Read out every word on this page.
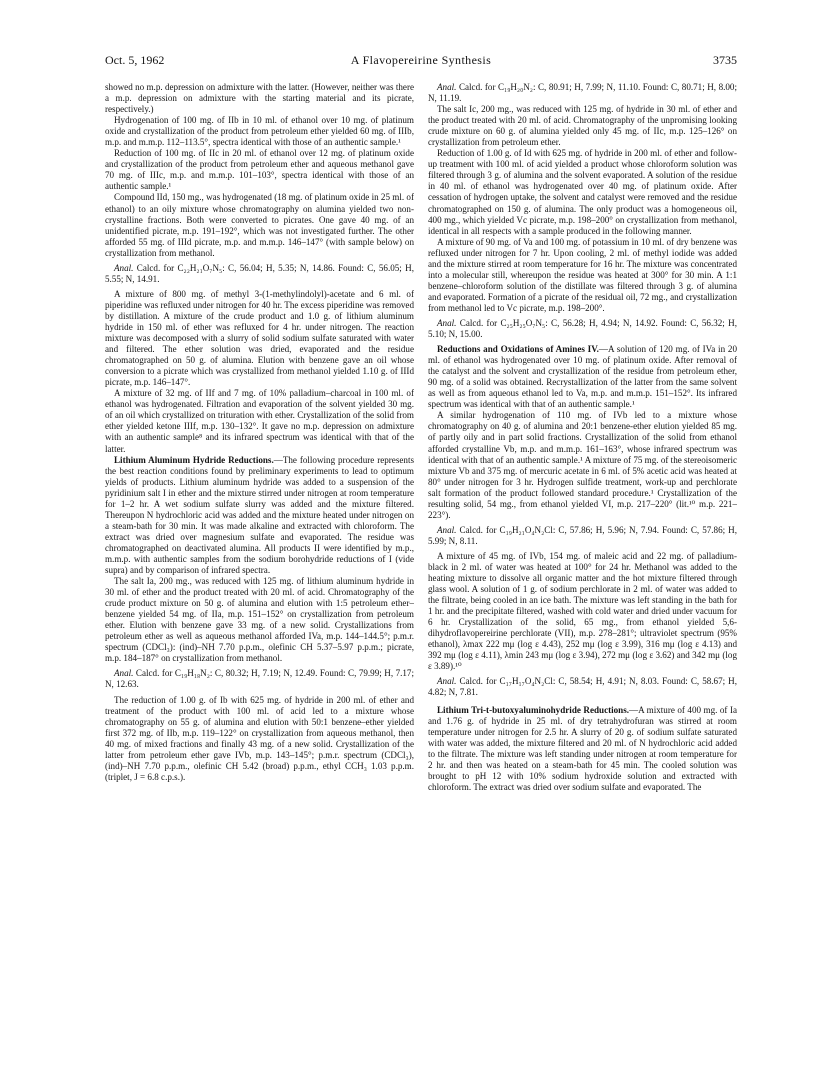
Oct. 5, 1962	A Flavopereirine Synthesis	3735

showed no m.p. depression on admixture with the latter. (However, neither was there a m.p. depression on admixture with the starting material and its picrate, respectively.)

Hydrogenation of 100 mg. of IIb in 10 ml. of ethanol over 10 mg. of platinum oxide and crystallization of the product from petroleum ether yielded 60 mg. of IIIb, m.p. and m.m.p. 112–113.5°, spectra identical with those of an authentic sample.¹

Reduction of 100 mg. of IIc in 20 ml. of ethanol over 12 mg. of platinum oxide and crystallization of the product from petroleum ether and aqueous methanol gave 70 mg. of IIIc, m.p. and m.m.p. 101–103°, spectra identical with those of an authentic sample.¹

Compound IId, 150 mg., was hydrogenated (18 mg. of platinum oxide in 25 ml. of ethanol) to an oily mixture whose chromatography on alumina yielded two non-crystalline fractions. Both were converted to picrates. One gave 40 mg. of an unidentified picrate, m.p. 191–192°, which was not investigated further. The other afforded 55 mg. of IIId picrate, m.p. and m.m.p. 146–147° (with sample below) on crystallization from methanol.

Anal. Calcd. for C₂₂H₂₁O₇N₅: C, 56.04; H, 5.35; N, 14.86. Found: C, 56.05; H, 5.55; N, 14.91.

A mixture of 800 mg. of methyl 3-(1-methylindolyl)-acetate and 6 ml. of piperidine was refluxed under nitrogen for 40 hr. The excess piperidine was removed by distillation. A mixture of the crude product and 1.0 g. of lithium aluminum hydride in 150 ml. of ether was refluxed for 4 hr. under nitrogen. The reaction mixture was decomposed with a slurry of solid sodium sulfate saturated with water and filtered. The ether solution was dried, evaporated and the residue chromatographed on 50 g. of alumina. Elution with benzene gave an oil whose conversion to a picrate which was crystallized from methanol yielded 1.10 g. of IIId picrate, m.p. 146–147°.

A mixture of 32 mg. of IIf and 7 mg. of 10% palladium–charcoal in 100 ml. of ethanol was hydrogenated. Filtration and evaporation of the solvent yielded 30 mg. of an oil which crystallized on trituration with ether. Crystallization of the solid from ether yielded ketone IIIf, m.p. 130–132°. It gave no m.p. depression on admixture with an authentic sample⁸ and its infrared spectrum was identical with that of the latter.

Lithium Aluminum Hydride Reductions.—The following procedure represents the best reaction conditions found by preliminary experiments to lead to optimum yields of products. Lithium aluminum hydride was added to a suspension of the pyridinium salt I in ether and the mixture stirred under nitrogen at room temperature for 1–2 hr. A wet sodium sulfate slurry was added and the mixture filtered. Thereupon N hydrochloric acid was added and the mixture heated under nitrogen on a steam-bath for 30 min. It was made alkaline and extracted with chloroform. The extract was dried over magnesium sulfate and evaporated. The residue was chromatographed on deactivated alumina. All products II were identified by m.p., m.m.p. with authentic samples from the sodium borohydride reductions of I (vide supra) and by comparison of infrared spectra.

The salt Ia, 200 mg., was reduced with 125 mg. of lithium aluminum hydride in 30 ml. of ether and the product treated with 20 ml. of acid. Chromatography of the crude product mixture on 50 g. of alumina and elution with 1:5 petroleum ether–benzene yielded 54 mg. of IIa, m.p. 151–152° on crystallization from petroleum ether. Elution with benzene gave 33 mg. of a new solid. Crystallizations from petroleum ether as well as aqueous methanol afforded IVa, m.p. 144–144.5°; p.m.r. spectrum (CDCl₃): (ind)–NH 7.70 p.p.m., olefinic CH 5.37–5.97 p.p.m.; picrate, m.p. 184–187° on crystallization from methanol.

Anal. Calcd. for C₁₉H₁₈N₂: C, 80.32; H, 7.19; N, 12.49. Found: C, 79.99; H, 7.17; N, 12.63.

The reduction of 1.00 g. of Ib with 625 mg. of hydride in 200 ml. of ether and treatment of the product with 100 ml. of acid led to a mixture whose chromatography on 55 g. of alumina and elution with 50:1 benzene–ether yielded first 372 mg. of IIb, m.p. 119–122° on crystallization from aqueous methanol, then 40 mg. of mixed fractions and finally 43 mg. of a new solid. Crystallization of the latter from petroleum ether gave IVb, m.p. 143–145°; p.m.r. spectrum (CDCl₃), (ind)–NH 7.70 p.p.m., olefinic CH 5.42 (broad) p.p.m., ethyl CCH₃ 1.03 p.p.m. (triplet, J = 6.8 c.p.s.).

Anal. Calcd. for C₁₉H₂₀N₂: C, 80.91; H, 7.99; N, 11.10. Found: C, 80.71; H, 8.00; N, 11.19.

The salt Ic, 200 mg., was reduced with 125 mg. of hydride in 30 ml. of ether and the product treated with 20 ml. of acid. Chromatography of the unpromising looking crude mixture on 60 g. of alumina yielded only 45 mg. of IIc, m.p. 125–126° on crystallization from petroleum ether.

Reduction of 1.00 g. of Id with 625 mg. of hydride in 200 ml. of ether and follow-up treatment with 100 ml. of acid yielded a product whose chloroform solution was filtered through 3 g. of alumina and the solvent evaporated. A solution of the residue in 40 ml. of ethanol was hydrogenated over 40 mg. of platinum oxide. After cessation of hydrogen uptake, the solvent and catalyst were removed and the residue chromatographed on 150 g. of alumina. The only product was a homogeneous oil, 400 mg., which yielded Vc picrate, m.p. 198–200° on crystallization from methanol, identical in all respects with a sample produced in the following manner.

A mixture of 90 mg. of Va and 100 mg. of potassium in 10 ml. of dry benzene was refluxed under nitrogen for 7 hr. Upon cooling, 2 ml. of methyl iodide was added and the mixture stirred at room temperature for 16 hr. The mixture was concentrated into a molecular still, whereupon the residue was heated at 300° for 30 min. A 1:1 benzene–chloroform solution of the distillate was filtered through 3 g. of alumina and evaporated. Formation of a picrate of the residual oil, 72 mg., and crystallization from methanol led to Vc picrate, m.p. 198–200°.

Anal. Calcd. for C₂₅H₂₅O₇N₅: C, 56.28; H, 4.94; N, 14.92. Found: C, 56.32; H, 5.10; N, 15.00.

Reductions and Oxidations of Amines IV.—A solution of 120 mg. of IVa in 20 ml. of ethanol was hydrogenated over 10 mg. of platinum oxide. After removal of the catalyst and the solvent and crystallization of the residue from petroleum ether, 90 mg. of a solid was obtained. Recrystallization of the latter from the same solvent as well as from aqueous ethanol led to Va, m.p. and m.m.p. 151–152°. Its infrared spectrum was identical with that of an authentic sample.¹

A similar hydrogenation of 110 mg. of IVb led to a mixture whose chromatography on 40 g. of alumina and 20:1 benzene-ether elution yielded 85 mg. of partly oily and in part solid fractions. Crystallization of the solid from ethanol afforded crystalline Vb, m.p. and m.m.p. 161–163°, whose infrared spectrum was identical with that of an authentic sample.¹ A mixture of 75 mg. of the stereoisomeric mixture Vb and 375 mg. of mercuric acetate in 6 ml. of 5% acetic acid was heated at 80° under nitrogen for 3 hr. Hydrogen sulfide treatment, work-up and perchlorate salt formation of the product followed standard procedure.¹ Crystallization of the resulting solid, 54 mg., from ethanol yielded VI, m.p. 217–220° (lit.¹⁰ m.p. 221–223°).

Anal. Calcd. for C₁₉H₂₁O₄N₂Cl: C, 57.86; H, 5.96; N, 7.94. Found: C, 57.86; H, 5.99; N, 8.11.

A mixture of 45 mg. of IVb, 154 mg. of maleic acid and 22 mg. of palladium-black in 2 ml. of water was heated at 100° for 24 hr. Methanol was added to the heating mixture to dissolve all organic matter and the hot mixture filtered through glass wool. A solution of 1 g. of sodium perchlorate in 2 ml. of water was added to the filtrate, being cooled in an ice bath. The mixture was left standing in the bath for 1 hr. and the precipitate filtered, washed with cold water and dried under vacuum for 6 hr. Crystallization of the solid, 65 mg., from ethanol yielded 5,6-dihydroflavopereirine perchlorate (VII), m.p. 278–281°; ultraviolet spectrum (95% ethanol), λmax 222 mμ (log ε 4.43), 252 mμ (log ε 3.99), 316 mμ (log ε 4.13) and 392 mμ (log ε 4.11), λmin 243 mμ (log ε 3.94), 272 mμ (log ε 3.62) and 342 mμ (log ε 3.89).¹⁰

Anal. Calcd. for C₁₇H₁₇O₄N₂Cl: C, 58.54; H, 4.91; N, 8.03. Found: C, 58.67; H, 4.82; N, 7.81.

Lithium Tri-t-butoxyaluminohydride Reductions.—A mixture of 400 mg. of Ia and 1.76 g. of hydride in 25 ml. of dry tetrahydrofuran was stirred at room temperature under nitrogen for 2.5 hr. A slurry of 20 g. of sodium sulfate saturated with water was added, the mixture filtered and 20 ml. of N hydrochloric acid added to the filtrate. The mixture was left standing under nitrogen at room temperature for 2 hr. and then was heated on a steam-bath for 45 min. The cooled solution was brought to pH 12 with 10% sodium hydroxide solution and extracted with chloroform. The extract was dried over sodium sulfate and evaporated. The
